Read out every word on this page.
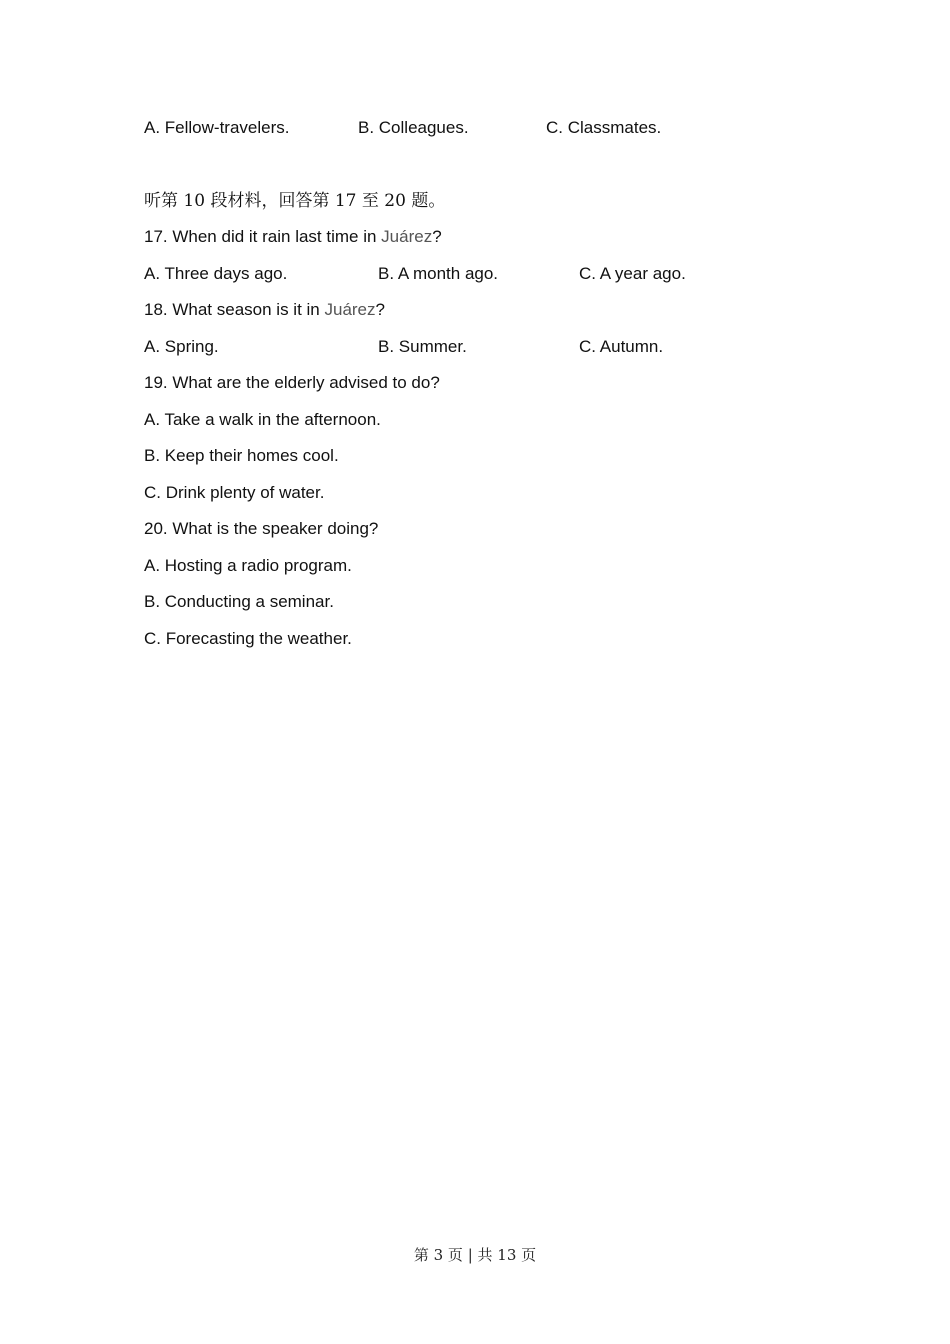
A. Fellow-travelers.	B. Colleagues.	C. Classmates.
听第 10 段材料，回答第 17 至 20 题。
17. When did it rain last time in Juárez?
A. Three days ago.	B. A month ago.	C. A year ago.
18. What season is it in Juárez?
A. Spring.	B. Summer.	C. Autumn.
19. What are the elderly advised to do?
A. Take a walk in the afternoon.
B. Keep their homes cool.
C. Drink plenty of water.
20. What is the speaker doing?
A. Hosting a radio program.
B. Conducting a seminar.
C. Forecasting the weather.
第 3 页 | 共 13 页
